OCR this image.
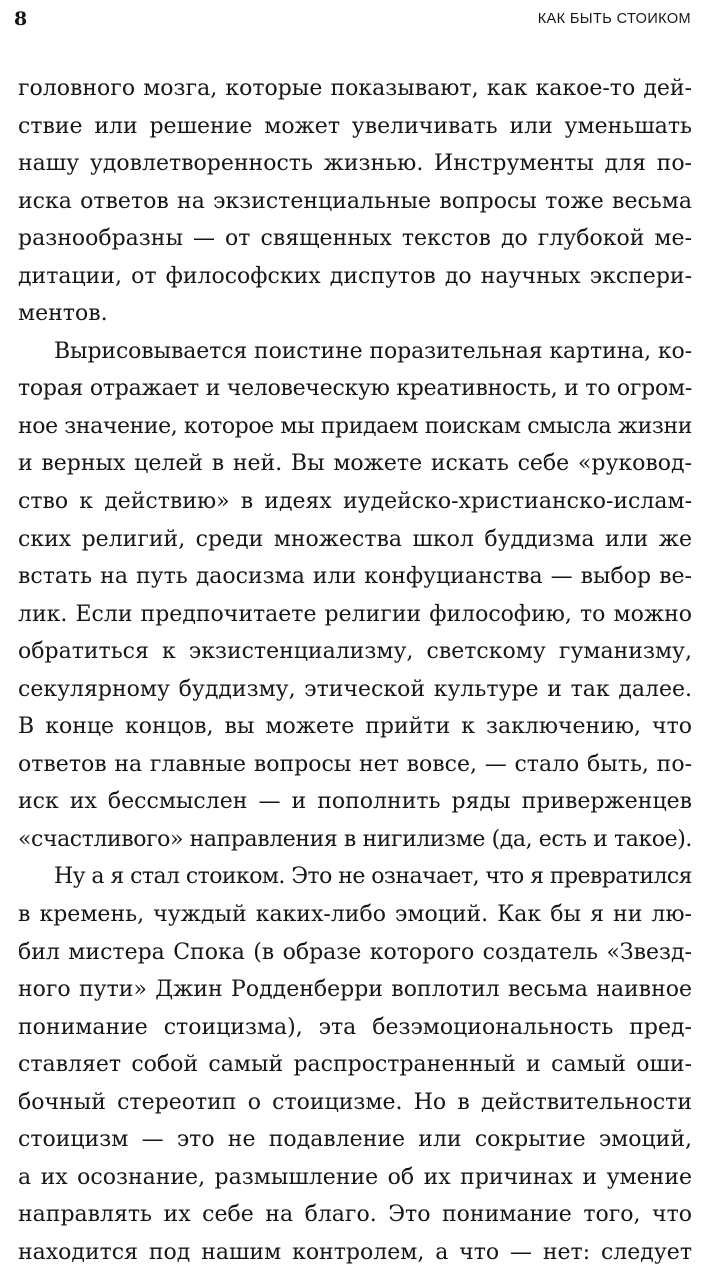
8	КАК БЫТЬ СТОИКОМ
головного мозга, которые показывают, как какое-то дей-
ствие или решение может увеличивать или уменьшать
нашу удовлетворенность жизнью. Инструменты для по-
иска ответов на экзистенциальные вопросы тоже весьма
разнообразны — от священных текстов до глубокой ме-
дитации, от философских диспутов до научных экспери-
ментов.
Вырисовывается поистине поразительная картина, ко-
торая отражает и человеческую креативность, и то огром-
ное значение, которое мы придаем поискам смысла жизни
и верных целей в ней. Вы можете искать себе «руковод-
ство к действию» в идеях иудейско-христианско-ислам-
ских религий, среди множества школ буддизма или же
встать на путь даосизма или конфуцианства — выбор ве-
лик. Если предпочитаете религии философию, то можно
обратиться к экзистенциализму, светскому гуманизму,
секулярному буддизму, этической культуре и так далее.
В конце концов, вы можете прийти к заключению, что
ответов на главные вопросы нет вовсе, — стало быть, по-
иск их бессмыслен — и пополнить ряды приверженцев
«счастливого» направления в нигилизме (да, есть и такое).
Ну а я стал стоиком. Это не означает, что я превратился
в кремень, чуждый каких-либо эмоций. Как бы я ни лю-
бил мистера Спока (в образе которого создатель «Звезд-
ного пути» Джин Родденберри воплотил весьма наивное
понимание стоицизма), эта безэмоциональность пред-
ставляет собой самый распространенный и самый оши-
бочный стереотип о стоицизме. Но в действительности
стоицизм — это не подавление или сокрытие эмоций,
а их осознание, размышление об их причинах и умение
направлять их себе на благо. Это понимание того, что
находится под нашим контролем, а что — нет: следует
